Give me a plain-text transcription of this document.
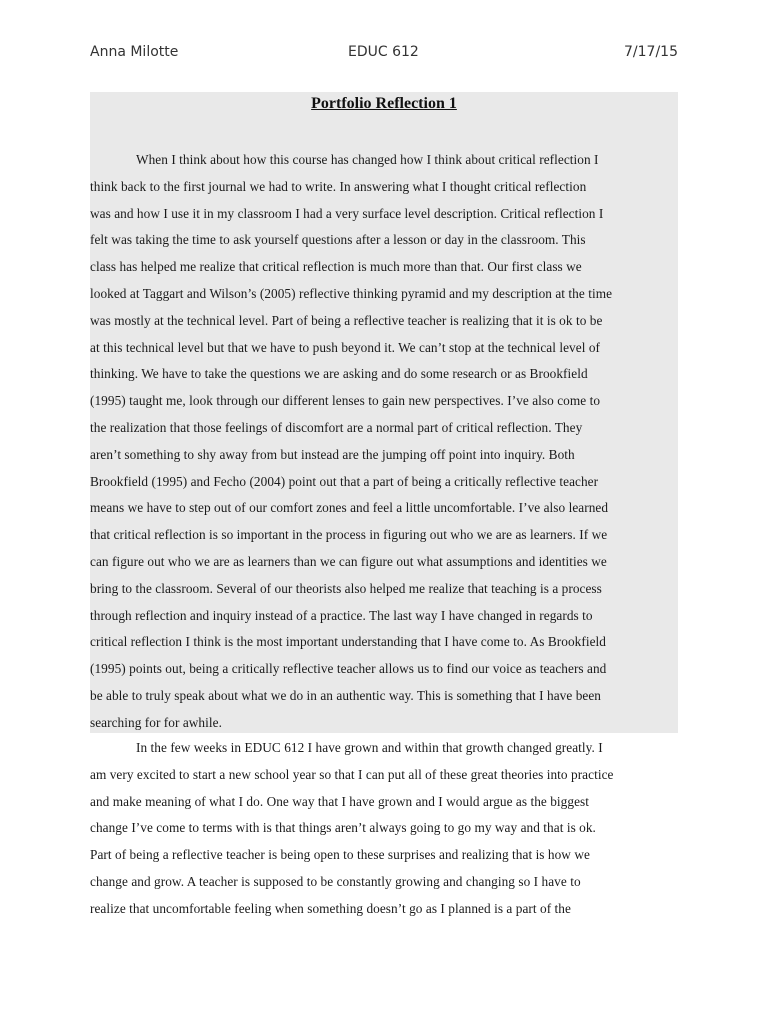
Anna Milotte	EDUC 612	7/17/15
Portfolio Reflection 1
When I think about how this course has changed how I think about critical reflection I
think back to the first journal we had to write. In answering what I thought critical reflection
was and how I use it in my classroom I had a very surface level description. Critical reflection I
felt was taking the time to ask yourself questions after a lesson or day in the classroom. This
class has helped me realize that critical reflection is much more than that. Our first class we
looked at Taggart and Wilson’s (2005) reflective thinking pyramid and my description at the time
was mostly at the technical level. Part of being a reflective teacher is realizing that it is ok to be
at this technical level but that we have to push beyond it. We can’t stop at the technical level of
thinking. We have to take the questions we are asking and do some research or as Brookfield
(1995) taught me, look through our different lenses to gain new perspectives. I’ve also come to
the realization that those feelings of discomfort are a normal part of critical reflection. They
aren’t something to shy away from but instead are the jumping off point into inquiry. Both
Brookfield (1995) and Fecho (2004) point out that a part of being a critically reflective teacher
means we have to step out of our comfort zones and feel a little uncomfortable. I’ve also learned
that critical reflection is so important in the process in figuring out who we are as learners. If we
can figure out who we are as learners than we can figure out what assumptions and identities we
bring to the classroom. Several of our theorists also helped me realize that teaching is a process
through reflection and inquiry instead of a practice. The last way I have changed in regards to
critical reflection I think is the most important understanding that I have come to. As Brookfield
(1995) points out, being a critically reflective teacher allows us to find our voice as teachers and
be able to truly speak about what we do in an authentic way. This is something that I have been
searching for for awhile.
In the few weeks in EDUC 612 I have grown and within that growth changed greatly. I
am very excited to start a new school year so that I can put all of these great theories into practice
and make meaning of what I do. One way that I have grown and I would argue as the biggest
change I’ve come to terms with is that things aren’t always going to go my way and that is ok.
Part of being a reflective teacher is being open to these surprises and realizing that is how we
change and grow. A teacher is supposed to be constantly growing and changing so I have to
realize that uncomfortable feeling when something doesn’t go as I planned is a part of the
